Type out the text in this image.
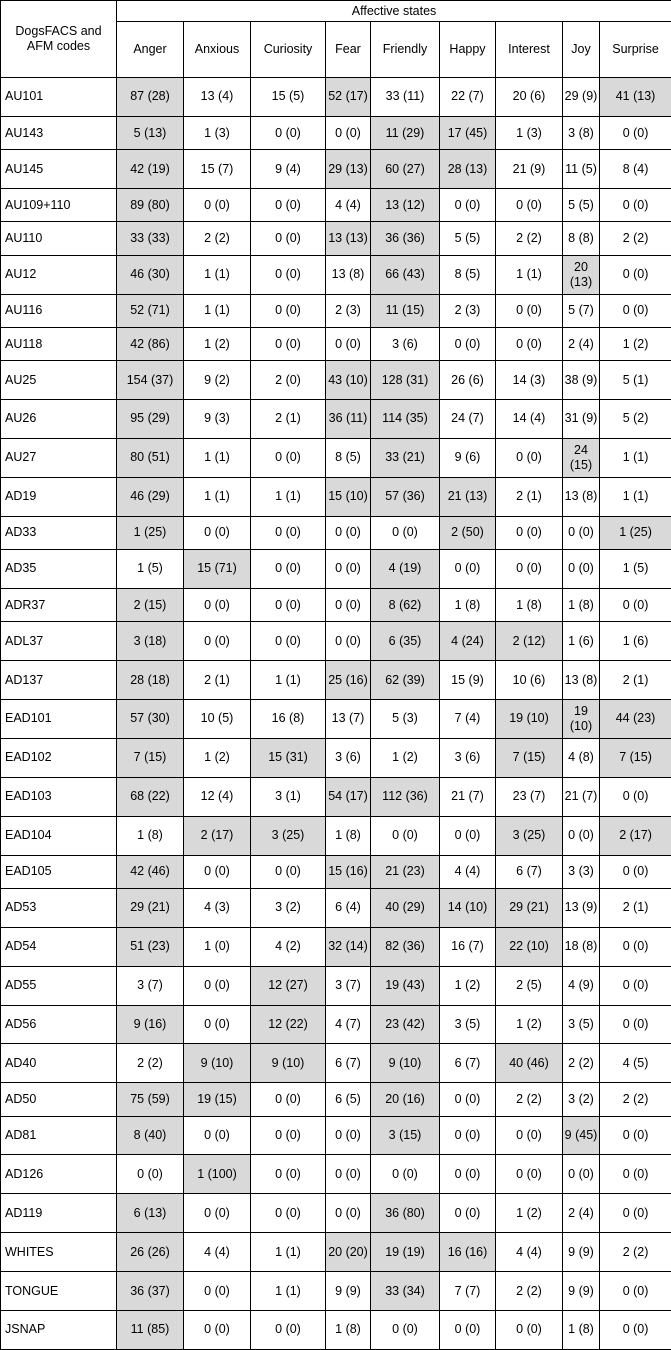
DogsFACS and AFM codes	Affective states								
	Anger	Anxious	Curiosity	Fear	Friendly	Happy	Interest	Joy	Surprise
AU101	87 (28)	13 (4)	15 (5)	52 (17)	33 (11)	22 (7)	20 (6)	29 (9)	41 (13)
AU143	5 (13)	1 (3)	0 (0)	0 (0)	11 (29)	17 (45)	1 (3)	3 (8)	0 (0)
AU145	42 (19)	15 (7)	9 (4)	29 (13)	60 (27)	28 (13)	21 (9)	11 (5)	8 (4)
AU109+110	89 (80)	0 (0)	0 (0)	4 (4)	13 (12)	0 (0)	0 (0)	5 (5)	0 (0)
AU110	33 (33)	2 (2)	0 (0)	13 (13)	36 (36)	5 (5)	2 (2)	8 (8)	2 (2)
AU12	46 (30)	1 (1)	0 (0)	13 (8)	66 (43)	8 (5)	1 (1)	20 (13)	0 (0)
AU116	52 (71)	1 (1)	0 (0)	2 (3)	11 (15)	2 (3)	0 (0)	5 (7)	0 (0)
AU118	42 (86)	1 (2)	0 (0)	0 (0)	3 (6)	0 (0)	0 (0)	2 (4)	1 (2)
AU25	154 (37)	9 (2)	2 (0)	43 (10)	128 (31)	26 (6)	14 (3)	38 (9)	5 (1)
AU26	95 (29)	9 (3)	2 (1)	36 (11)	114 (35)	24 (7)	14 (4)	31 (9)	5 (2)
AU27	80 (51)	1 (1)	0 (0)	8 (5)	33 (21)	9 (6)	0 (0)	24 (15)	1 (1)
AD19	46 (29)	1 (1)	1 (1)	15 (10)	57 (36)	21 (13)	2 (1)	13 (8)	1 (1)
AD33	1 (25)	0 (0)	0 (0)	0 (0)	0 (0)	2 (50)	0 (0)	0 (0)	1 (25)
AD35	1 (5)	15 (71)	0 (0)	0 (0)	4 (19)	0 (0)	0 (0)	0 (0)	1 (5)
ADR37	2 (15)	0 (0)	0 (0)	0 (0)	8 (62)	1 (8)	1 (8)	1 (8)	0 (0)
ADL37	3 (18)	0 (0)	0 (0)	0 (0)	6 (35)	4 (24)	2 (12)	1 (6)	1 (6)
AD137	28 (18)	2 (1)	1 (1)	25 (16)	62 (39)	15 (9)	10 (6)	13 (8)	2 (1)
EAD101	57 (30)	10 (5)	16 (8)	13 (7)	5 (3)	7 (4)	19 (10)	19 (10)	44 (23)
EAD102	7 (15)	1 (2)	15 (31)	3 (6)	1 (2)	3 (6)	7 (15)	4 (8)	7 (15)
EAD103	68 (22)	12 (4)	3 (1)	54 (17)	112 (36)	21 (7)	23 (7)	21 (7)	0 (0)
EAD104	1 (8)	2 (17)	3 (25)	1 (8)	0 (0)	0 (0)	3 (25)	0 (0)	2 (17)
EAD105	42 (46)	0 (0)	0 (0)	15 (16)	21 (23)	4 (4)	6 (7)	3 (3)	0 (0)
AD53	29 (21)	4 (3)	3 (2)	6 (4)	40 (29)	14 (10)	29 (21)	13 (9)	2 (1)
AD54	51 (23)	1 (0)	4 (2)	32 (14)	82 (36)	16 (7)	22 (10)	18 (8)	0 (0)
AD55	3 (7)	0 (0)	12 (27)	3 (7)	19 (43)	1 (2)	2 (5)	4 (9)	0 (0)
AD56	9 (16)	0 (0)	12 (22)	4 (7)	23 (42)	3 (5)	1 (2)	3 (5)	0 (0)
AD40	2 (2)	9 (10)	9 (10)	6 (7)	9 (10)	6 (7)	40 (46)	2 (2)	4 (5)
AD50	75 (59)	19 (15)	0 (0)	6 (5)	20 (16)	0 (0)	2 (2)	3 (2)	2 (2)
AD81	8 (40)	0 (0)	0 (0)	0 (0)	3 (15)	0 (0)	0 (0)	9 (45)	0 (0)
AD126	0 (0)	1 (100)	0 (0)	0 (0)	0 (0)	0 (0)	0 (0)	0 (0)	0 (0)
AD119	6 (13)	0 (0)	0 (0)	0 (0)	36 (80)	0 (0)	1 (2)	2 (4)	0 (0)
WHITES	26 (26)	4 (4)	1 (1)	20 (20)	19 (19)	16 (16)	4 (4)	9 (9)	2 (2)
TONGUE	36 (37)	0 (0)	1 (1)	9 (9)	33 (34)	7 (7)	2 (2)	9 (9)	0 (0)
JSNAP	11 (85)	0 (0)	0 (0)	1 (8)	0 (0)	0 (0)	0 (0)	1 (8)	0 (0)
